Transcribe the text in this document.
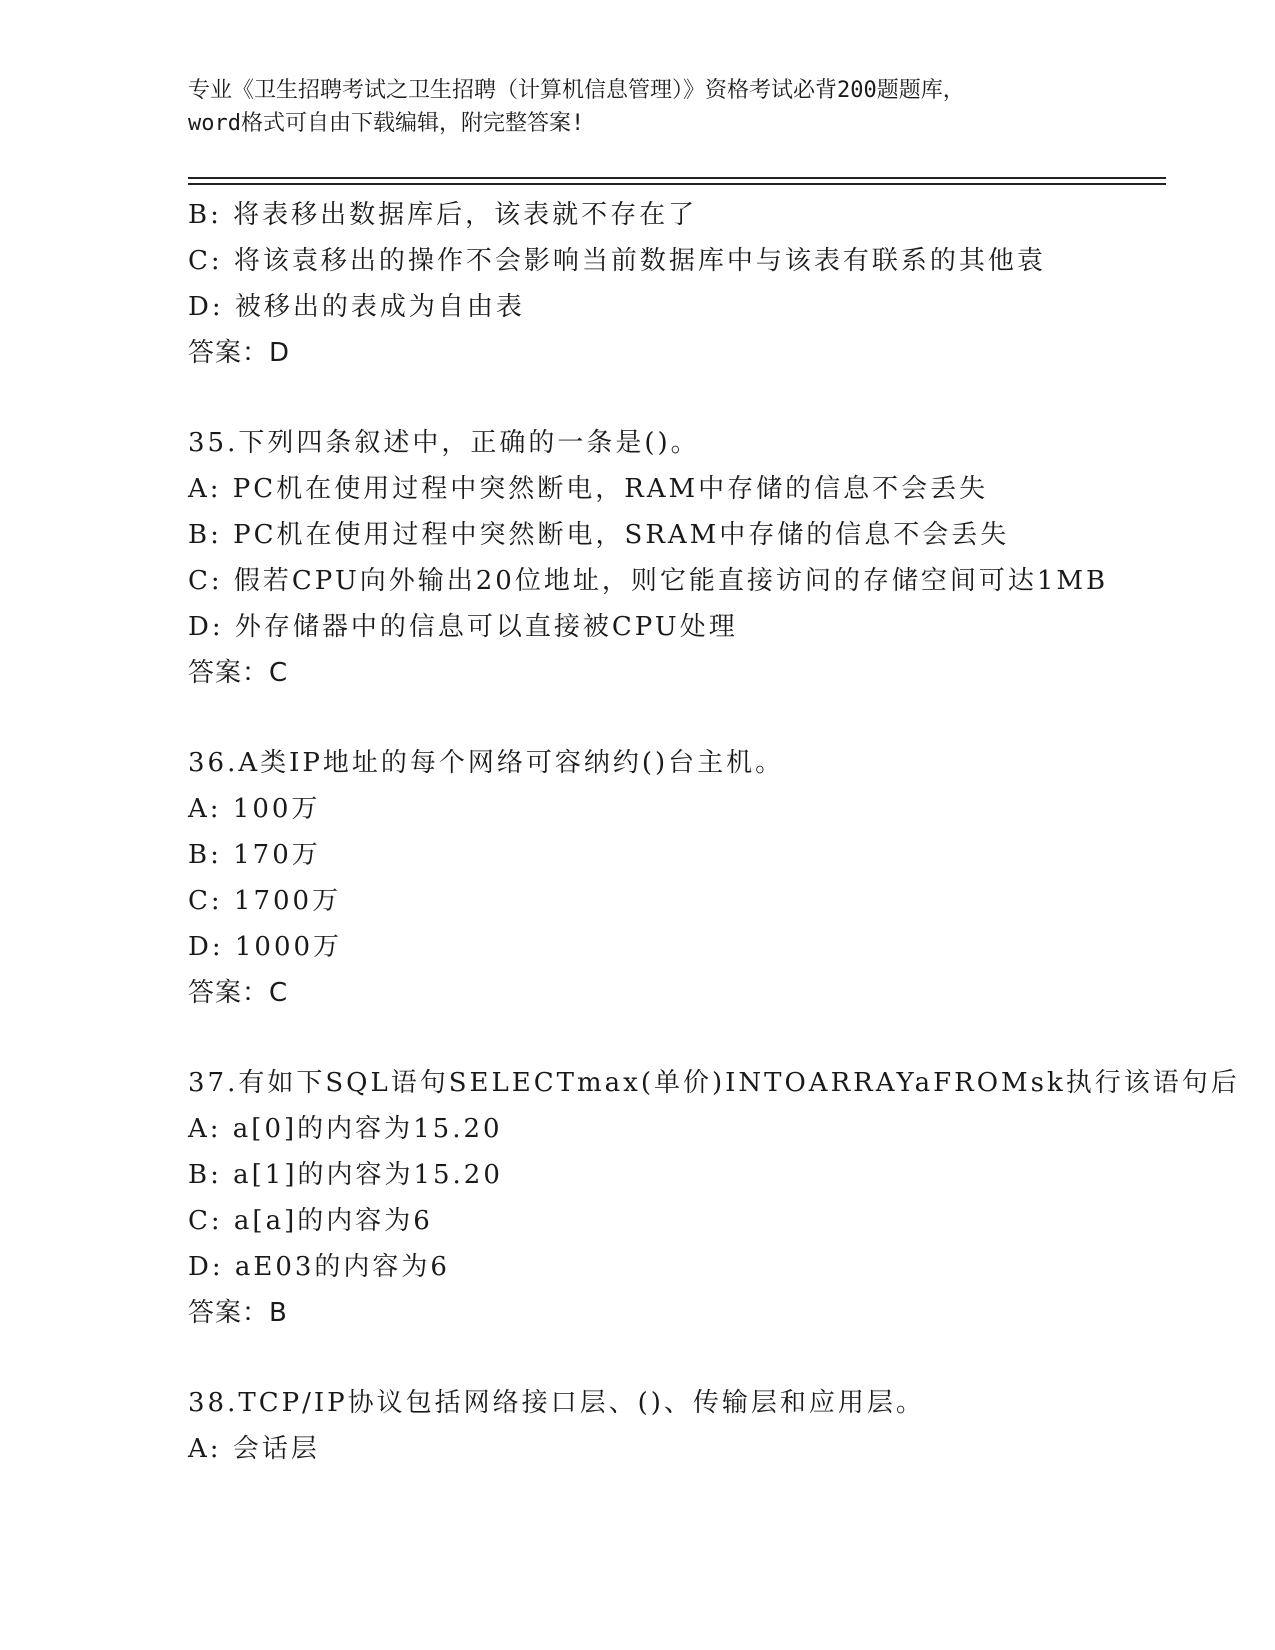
专业《卫生招聘考试之卫生招聘（计算机信息管理）》资格考试必背200题题库，
word格式可自由下载编辑，附完整答案!
B: 将表移出数据库后，该表就不存在了
C: 将该袁移出的操作不会影响当前数据库中与该表有联系的其他袁
D: 被移出的表成为自由表
答案：D
35.下列四条叙述中，正确的一条是()。
A: PC机在使用过程中突然断电，RAM中存储的信息不会丢失
B: PC机在使用过程中突然断电，SRAM中存储的信息不会丢失
C: 假若CPU向外输出20位地址，则它能直接访问的存储空间可达1MB
D: 外存储器中的信息可以直接被CPU处理
答案：C
36.A类IP地址的每个网络可容纳约()台主机。
A: 100万
B: 170万
C: 1700万
D: 1000万
答案：C
37.有如下SQL语句SELECTmax(单价)INTOARRAYaFROMsk执行该语句后
A: a[0]的内容为15.20
B: a[1]的内容为15.20
C: a[a]的内容为6
D: aE03的内容为6
答案：B
38.TCP/IP协议包括网络接口层、()、传输层和应用层。
A: 会话层
